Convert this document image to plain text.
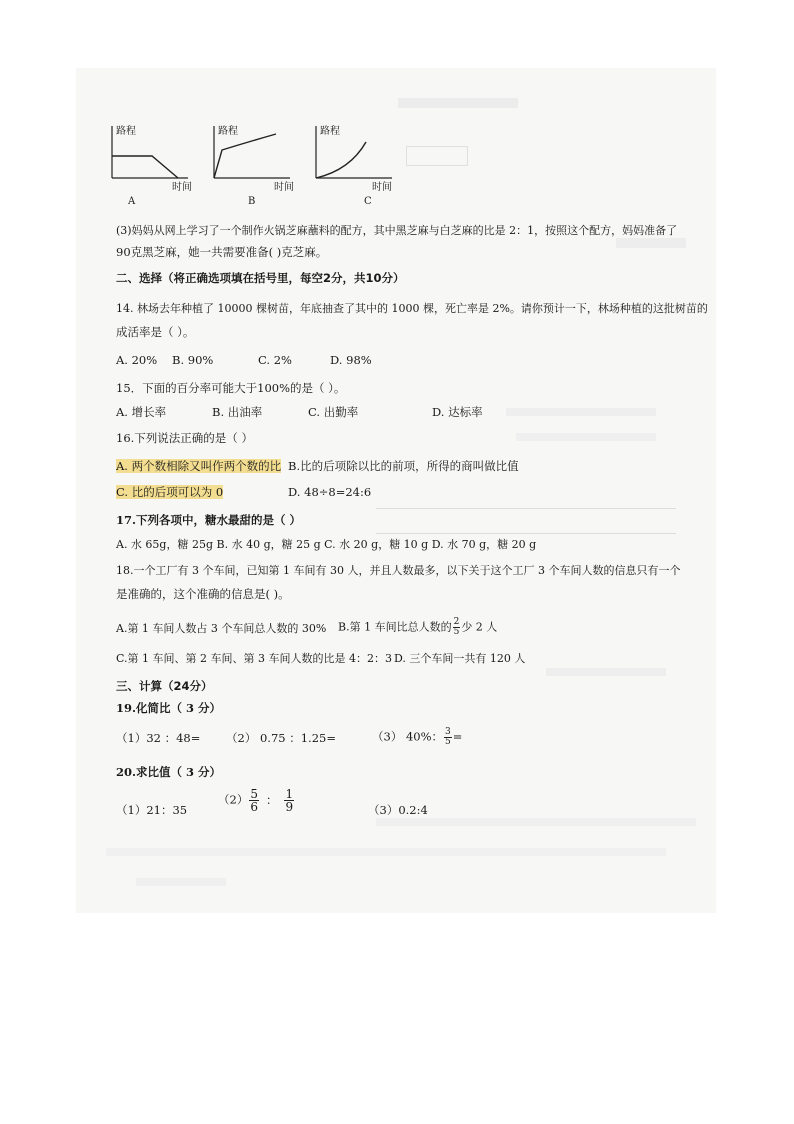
路程
时间
A
路程
时间
B
路程
时间
C
(3)妈妈从网上学习了一个制作火锅芝麻蘸料的配方，其中黑芝麻与白芝麻的比是 2：1，按照这个配方，妈妈准备了
90克黑芝麻，她一共需要准备( )克芝麻。
二、选择（将正确选项填在括号里，每空2分，共10分）
14. 林场去年种植了 10000 棵树苗，年底抽查了其中的 1000 棵，死亡率是 2%。请你预计一下，林场种植的这批树苗的
成活率是（ ）。
A. 20% B. 90%	C. 2%	D. 98%
15．下面的百分率可能大于100%的是（ ）。
A. 增长率	B. 出油率	C. 出勤率	D. 达标率
16.下列说法正确的是（ ）
A. 两个数相除又叫作两个数的比 B.比的后项除以比的前项，所得的商叫做比值
C. 比的后项可以为 0	D. 48÷8=24:6
17.下列各项中，糖水最甜的是（ ）
A. 水 65g，糖 25g B. 水 40 g，糖 25 g C. 水 20 g，糖 10 g D. 水 70 g，糖 20 g
18.一个工厂有 3 个车间，已知第 1 车间有 30 人，并且人数最多，以下关于这个工厂 3 个车间人数的信息只有一个
是准确的，这个准确的信息是( )。
A.第 1 车间人数占 3 个车间总人数的 30% B.第 1 车间比总人数的 $\frac{2}{5}$ 少 2 人
C.第 1 车间、第 2 车间、第 3 车间人数的比是 4：2：3 D. 三个车间一共有 120 人
三、计算（24分）
19.化简比（ 3 分）
（1）32 ：48= （2） 0.75 ：1.25=	（3） 40%： $\frac{3}{5}$ =
20.求比值（ 3 分）
（1）21：35
$(2) \frac{5}{6}$ ： $\frac{1}{9}$	（3）0.2:4
